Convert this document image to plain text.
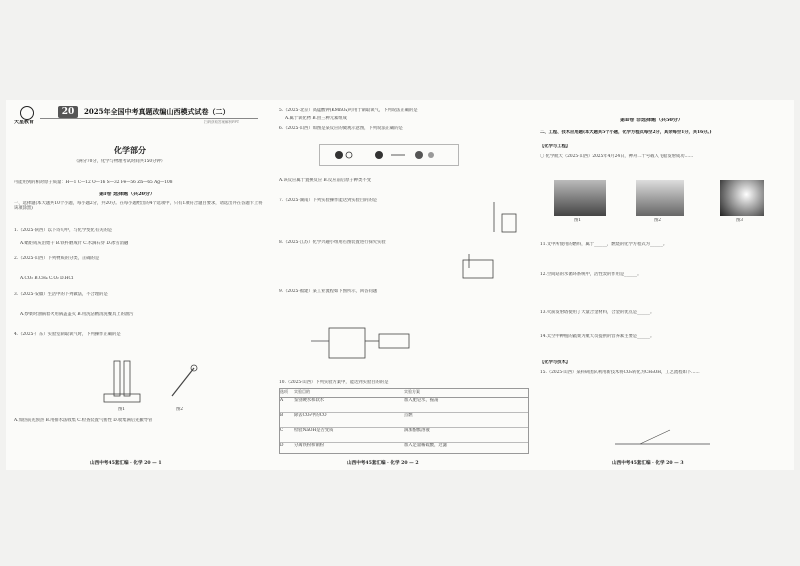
天星教育
20	2025年全国中考真题改编山西模式试卷（二）
扫码获取答案解析PPT
化学部分
（满分70分，化学与物理考试时间共150分钟）
可能用到的相对原子质量：H—1 C—12 O—16 S—32 Fe—56 Zn—65 Ag—108
第Ⅰ卷 选择题（共20分）
一、选择题(本大题共10个小题，每小题2分，共20分。在每小题给出的4个选项中，只有1项符合题目要求，请选出并在答题卡上将该项涂黑)
1.（2025·陕西）以下诗句中，与化学变化有关的是
A.蜡炬成灰泪始干 B.铁杵磨成针 C.水滴石穿 D.冰雪消融
2.（2025·山西）下列物质的分类，正确的是
A.CO₂ B.CH₄ C.O₂ D.HCl
3.（2025·安徽）生活中的下列做法，不合理的是
A.炒菜时油锅着火用锅盖盖灭 B.用洗洁精清洗餐具上的油污
4.（2025·广东）实验室制取氧气时，下列操作正确的是
图1	图2
A.加热前先预热 B.用排水法收集 C.检查装置气密性 D.收集满后先撤导管
山西中考45套汇编 · 化学 20 — 1
5.（2025·北京）高锰酸钾(KMnO₄)可用于制取氧气，下列说法正确的是
A.属于氧化物 B.由三种元素组成
6.（2025·山西）如图是某反应的微观示意图，下列说法正确的是
A.该反应属于置换反应 B.反应前后原子种类不变
7.（2025·湖南）下列实验操作能达到实验目的的是
8.（2025·江苏）化学兴趣小组用右图装置进行探究实验
9.（2025·福建）某工业流程如下图所示，回答问题
10.（2025·山西）下列实验方案中，能达到实验目的的是
选项	实验目的	实验方案
A	鉴别硬水和软水	加入肥皂水，振荡
B	除去CO₂中的CO	点燃
C	检验NaOH是否变质	滴加酚酞溶液
D	分离铁粉和铜粉	加入足量稀硫酸，过滤
山西中考45套汇编 · 化学 20 — 2
第Ⅱ卷 非选择题（共50分）
二、工程、技术应用题(本大题共5个小题，化学方程式每空2分，其余每空1分，共16分。)
【化学与工程】
〇 化学航天（2025·山西）2025年4月24日，神舟二十号载人飞船发射成功……
图1	图2	图3
11.文中所使用的燃料，属于______，燃烧的化学方程式为______。
12.空间站的水循环系统中，活性炭的作用是______。
13.火箭发射塔使用了大量合金材料，合金的优点是______。
14.太空中种植的蔬菜为航天员提供的营养素主要是______。
【化学与技术】
15.（2025·山西）某科研团队利用新技术将CO₂转化为CH₃OH，工艺流程如下……
山西中考45套汇编 · 化学 20 — 3
